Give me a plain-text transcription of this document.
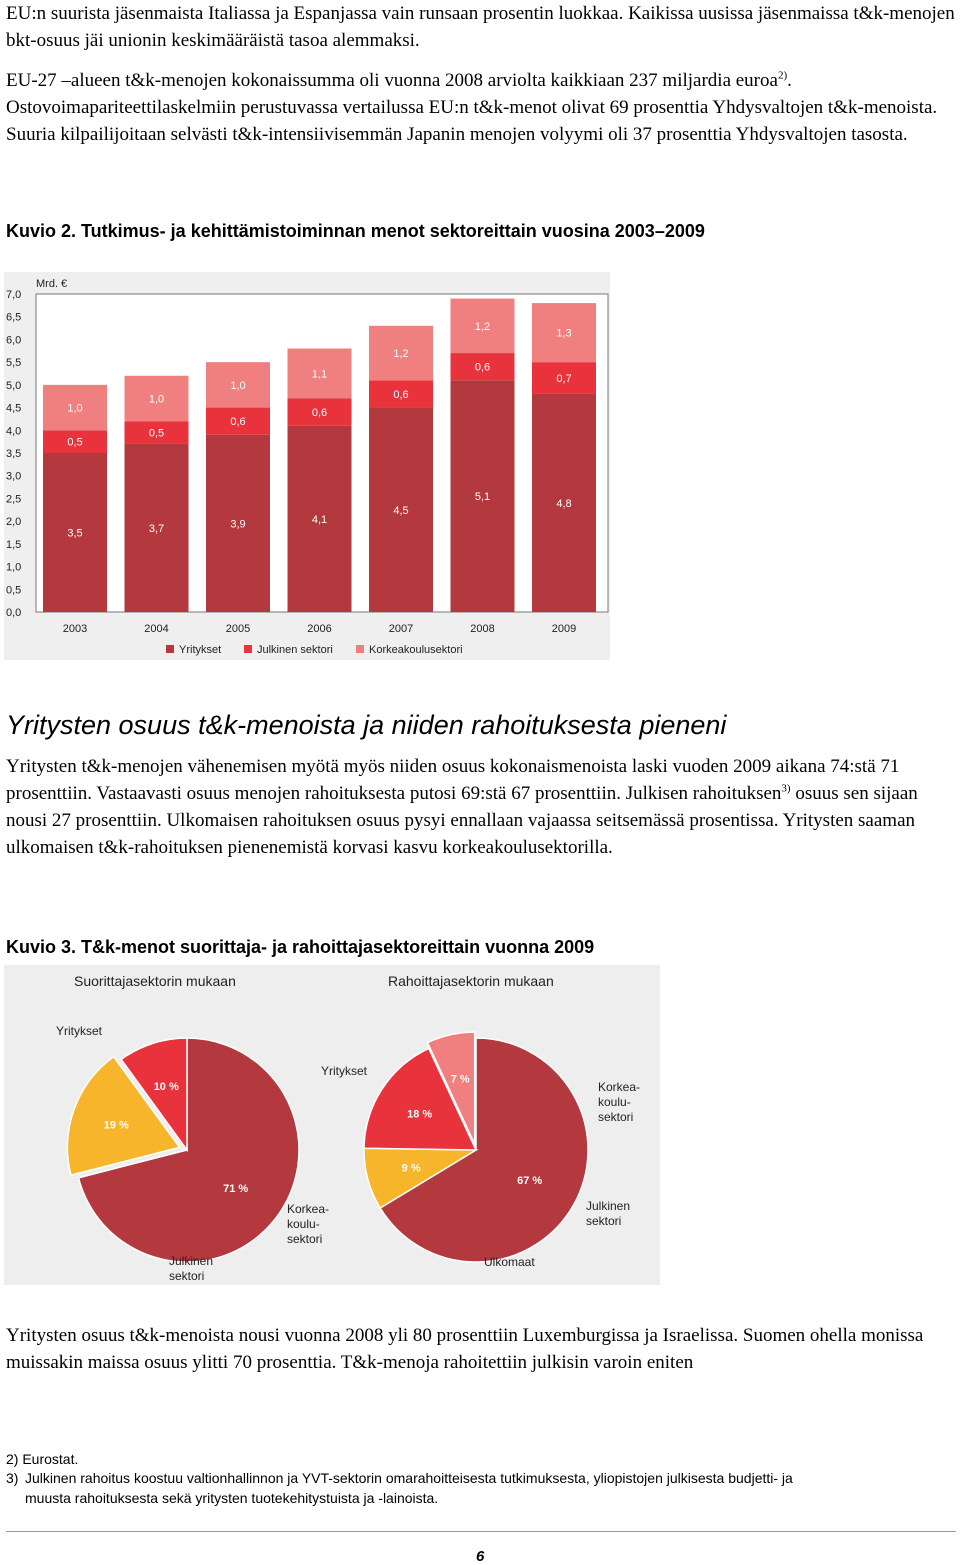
EU:n suurista jäsenmaista Italiassa ja Espanjassa vain runsaan prosentin luokkaa. Kaikissa uusissa jäsenmaissa t&k-menojen bkt-osuus jäi unionin keskimääräistä tasoa alemmaksi.
EU-27 –alueen t&k-menojen kokonaissumma oli vuonna 2008 arviolta kaikkiaan 237 miljardia euroa$^{2)}$. Ostovoimapariteettilaskelmiin perustuvassa vertailussa EU:n t&k-menot olivat 69 prosenttia Yhdysvaltojen t&k-menoista. Suuria kilpailijoitaan selvästi t&k-intensiivisemmän Japanin menojen volyymi oli 37 prosenttia Yhdysvaltojen tasosta.
Kuvio 2. Tutkimus- ja kehittämistoiminnan menot sektoreittain vuosina 2003–2009
Mrd. €
0,0
0,5
1,0
1,5
2,0
2,5
3,0
3,5
4,0
4,5
5,0
5,5
6,0
6,5
7,0
3,5
0,5
1,0
3,7
0,5
1,0
3,9
0,6
1,0
4,1
0,6
1,1
4,5
0,6
1,2
5,1
0,6
1,2
4,8
0,7
1,3
2003	2004	2005	2006	2007	2008	2009
Yritykset	Julkinen sektori	Korkeakoulusektori
Yritysten osuus t&k-menoista ja niiden rahoituksesta pieneni
Yritysten t&k-menojen vähenemisen myötä myös niiden osuus kokonaismenoista laski vuoden 2009 aikana 74:stä 71 prosenttiin. Vastaavasti osuus menojen rahoituksesta putosi 69:stä 67 prosenttiin. Julkisen rahoituksen$^{3)}$ osuus sen sijaan nousi 27 prosenttiin. Ulkomaisen rahoituksen osuus pysyi ennallaan vajaassa seitsemässä prosentissa. Yritysten saaman ulkomaisen t&k-rahoituksen pienenemistä korvasi kasvu korkeakoulusektorilla.
Kuvio 3. T&k-menot suorittaja- ja rahoittajasektoreittain vuonna 2009
Suorittajasektorin mukaan
71 %
Yritykset
19 %
Korkea-
koulu-
sektori
10 %
Julkinen
sektori
Rahoittajasektorin mukaan
67 %
Yritykset
9 %
Korkea-
koulu-
sektori
18 %
Julkinen
sektori
7 %
Ulkomaat
Yritysten osuus t&k-menoista nousi vuonna 2008 yli 80 prosenttiin Luxemburgissa ja Israelissa. Suomen ohella monissa muissakin maissa osuus ylitti 70 prosenttia. T&k-menoja rahoitettiin julkisin varoin eniten
2) Eurostat.
3) Julkinen rahoitus koostuu valtionhallinnon ja YVT-sektorin omarahoitteisesta tutkimuksesta, yliopistojen julkisesta budjetti- ja
muusta rahoituksesta sekä yritysten tuotekehitystuista ja -lainoista.
6
